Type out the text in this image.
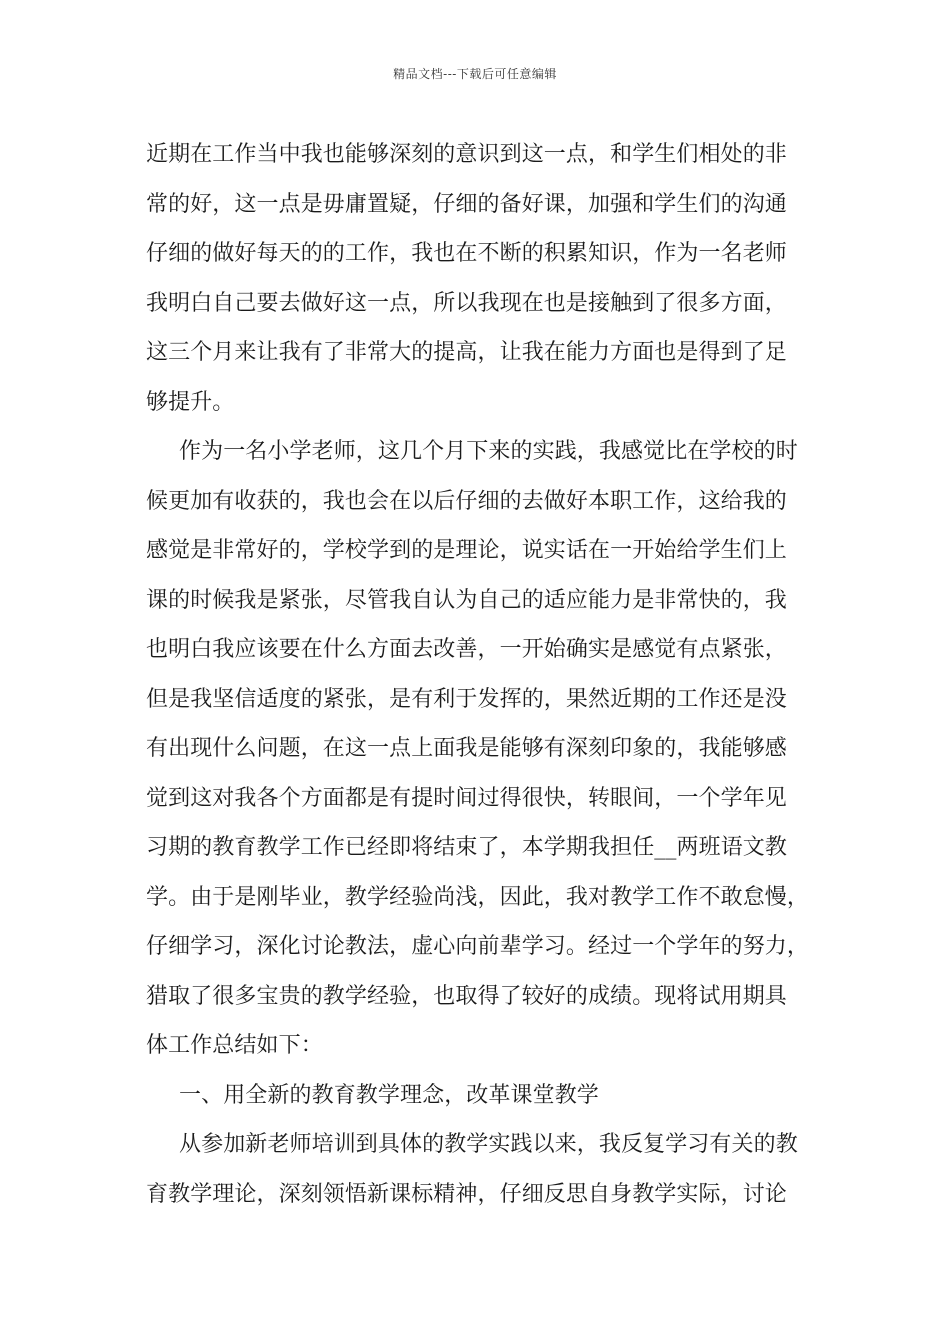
精品文档---下载后可任意编辑
近期在工作当中我也能够深刻的意识到这一点，和学生们相处的非
常的好，这一点是毋庸置疑，仔细的备好课，加强和学生们的沟通
仔细的做好每天的的工作，我也在不断的积累知识，作为一名老师
我明白自己要去做好这一点，所以我现在也是接触到了很多方面，
这三个月来让我有了非常大的提高，让我在能力方面也是得到了足
够提升。
作为一名小学老师，这几个月下来的实践，我感觉比在学校的时
候更加有收获的，我也会在以后仔细的去做好本职工作，这给我的
感觉是非常好的，学校学到的是理论，说实话在一开始给学生们上
课的时候我是紧张，尽管我自认为自己的适应能力是非常快的，我
也明白我应该要在什么方面去改善，一开始确实是感觉有点紧张，
但是我坚信适度的紧张，是有利于发挥的，果然近期的工作还是没
有出现什么问题，在这一点上面我是能够有深刻印象的，我能够感
觉到这对我各个方面都是有提时间过得很快，转眼间，一个学年见
习期的教育教学工作已经即将结束了，本学期我担任__两班语文教
学。由于是刚毕业，教学经验尚浅，因此，我对教学工作不敢怠慢，
仔细学习，深化讨论教法，虚心向前辈学习。经过一个学年的努力，
猎取了很多宝贵的教学经验，也取得了较好的成绩。现将试用期具
体工作总结如下：
一、用全新的教育教学理念，改革课堂教学
从参加新老师培训到具体的教学实践以来，我反复学习有关的教
育教学理论，深刻领悟新课标精神，仔细反思自身教学实际，讨论
